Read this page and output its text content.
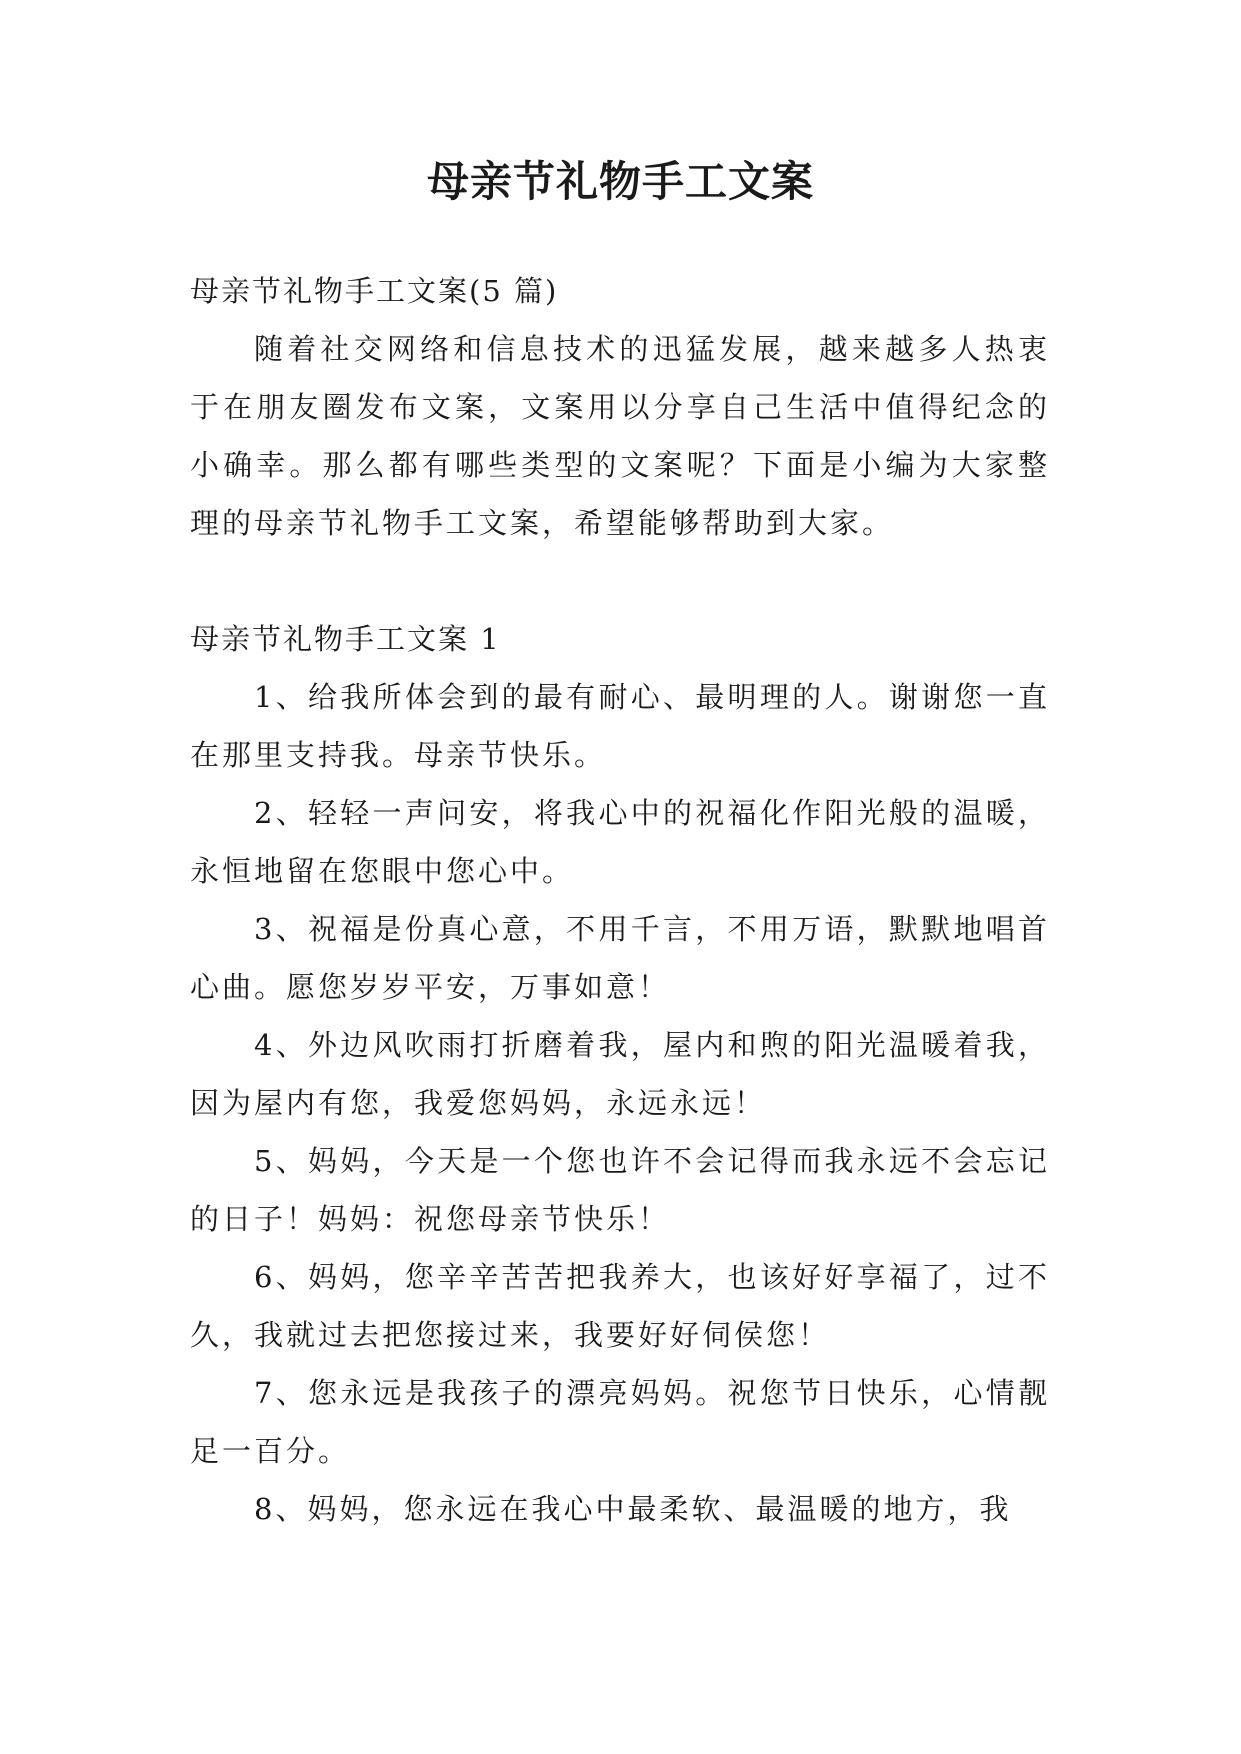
母亲节礼物手工文案

母亲节礼物手工文案(5 篇)

随着社交网络和信息技术的迅猛发展，越来越多人热衷于在朋友圈发布文案，文案用以分享自己生活中值得纪念的小确幸。那么都有哪些类型的文案呢？下面是小编为大家整理的母亲节礼物手工文案，希望能够帮助到大家。

母亲节礼物手工文案 1

1、给我所体会到的最有耐心、最明理的人。谢谢您一直在那里支持我。母亲节快乐。

2、轻轻一声问安，将我心中的祝福化作阳光般的温暖，永恒地留在您眼中您心中。

3、祝福是份真心意，不用千言，不用万语，默默地唱首心曲。愿您岁岁平安，万事如意！

4、外边风吹雨打折磨着我，屋内和煦的阳光温暖着我，因为屋内有您，我爱您妈妈，永远永远！

5、妈妈，今天是一个您也许不会记得而我永远不会忘记的日子！妈妈：祝您母亲节快乐！

6、妈妈，您辛辛苦苦把我养大，也该好好享福了，过不久，我就过去把您接过来，我要好好伺侯您！

7、您永远是我孩子的漂亮妈妈。祝您节日快乐，心情靓足一百分。

8、妈妈，您永远在我心中最柔软、最温暖的地方，我
